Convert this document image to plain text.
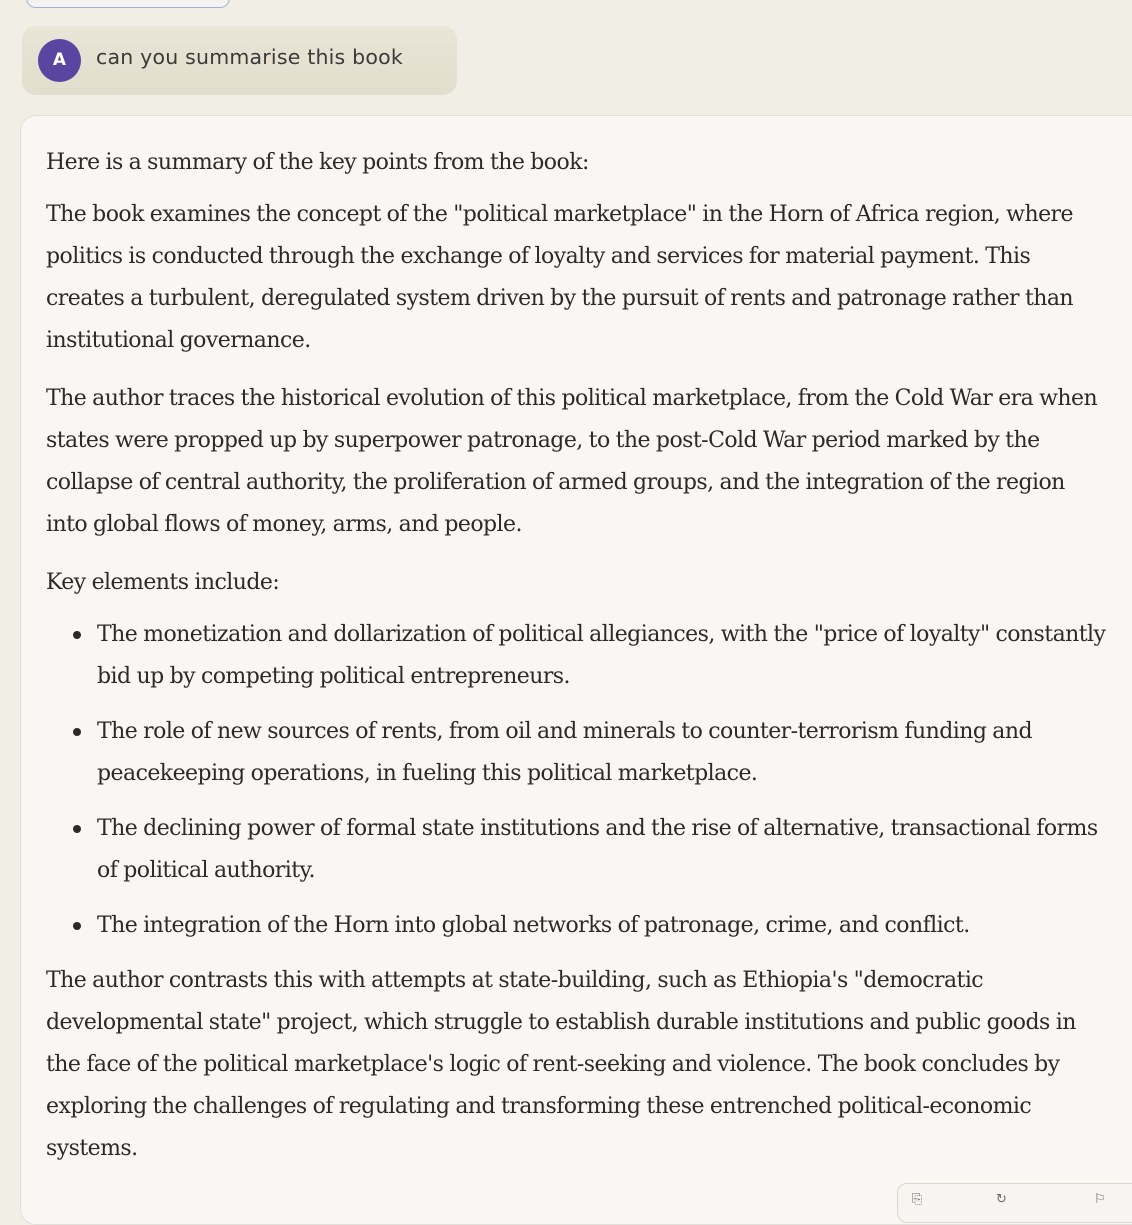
A	can you summarise this book

Here is a summary of the key points from the book:

The book examines the concept of the "political marketplace" in the Horn of Africa region, where politics is conducted through the exchange of loyalty and services for material payment. This creates a turbulent, deregulated system driven by the pursuit of rents and patronage rather than institutional governance.

The author traces the historical evolution of this political marketplace, from the Cold War era when states were propped up by superpower patronage, to the post-Cold War period marked by the collapse of central authority, the proliferation of armed groups, and the integration of the region into global flows of money, arms, and people.

Key elements include:

The monetization and dollarization of political allegiances, with the "price of loyalty" constantly bid up by competing political entrepreneurs.
The role of new sources of rents, from oil and minerals to counter-terrorism funding and peacekeeping operations, in fueling this political marketplace.
The declining power of formal state institutions and the rise of alternative, transactional forms of political authority.
The integration of the Horn into global networks of patronage, crime, and conflict.

The author contrasts this with attempts at state-building, such as Ethiopia's "democratic developmental state" project, which struggle to establish durable institutions and public goods in the face of the political marketplace's logic of rent-seeking and violence. The book concludes by exploring the challenges of regulating and transforming these entrenched political-economic systems.

⎘	↻	⚐
